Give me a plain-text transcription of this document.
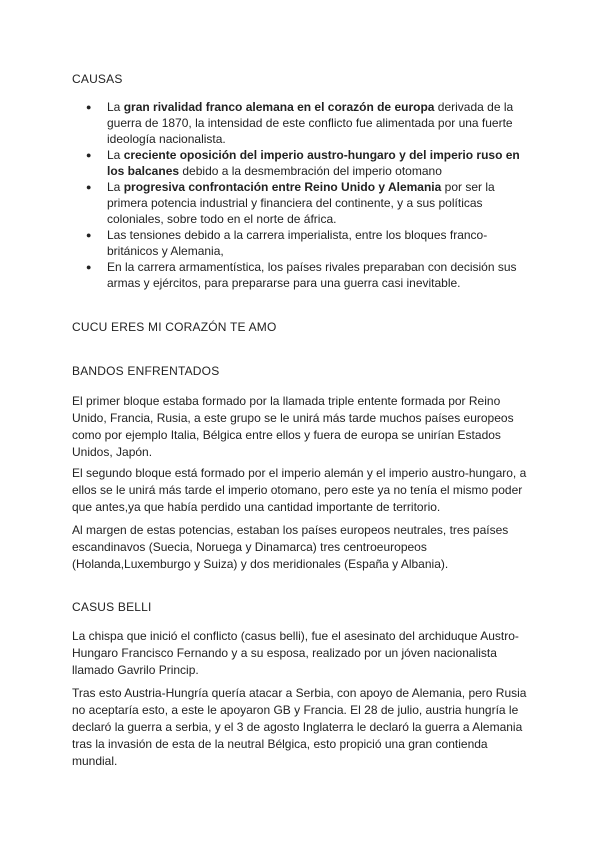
CAUSAS
● La gran rivalidad franco alemana en el corazón de europa derivada de la guerra de 1870, la intensidad de este conflicto fue alimentada por una fuerte ideología nacionalista.
● La creciente oposición del imperio austro-hungaro y del imperio ruso en los balcanes debido a la desmembración del imperio otomano
● La progresiva confrontación entre Reino Unido y Alemania por ser la primera potencia industrial y financiera del continente, y a sus políticas coloniales, sobre todo en el norte de áfrica.
● Las tensiones debido a la carrera imperialista, entre los bloques franco-británicos y Alemania,
● En la carrera armamentística, los países rivales preparaban con decisión sus armas y ejércitos, para prepararse para una guerra casi inevitable.
CUCU ERES MI CORAZÓN TE AMO
BANDOS ENFRENTADOS
El primer bloque estaba formado por la llamada triple entente formada por Reino Unido, Francia, Rusia, a este grupo se le unirá más tarde muchos países europeos como por ejemplo Italia, Bélgica entre ellos y fuera de europa se unirían Estados Unidos, Japón.
El segundo bloque está formado por el imperio alemán y el imperio austro-hungaro, a ellos se le unirá más tarde el imperio otomano, pero este ya no tenía el mismo poder que antes,ya que había perdido una cantidad importante de territorio.
Al margen de estas potencias, estaban los países europeos neutrales, tres países escandinavos (Suecia, Noruega y Dinamarca) tres centroeuropeos (Holanda,Luxemburgo y Suiza) y dos meridionales (España y Albania).
CASUS BELLI
La chispa que inició el conflicto (casus belli), fue el asesinato del archiduque Austro-Hungaro Francisco Fernando y a su esposa, realizado por un jóven nacionalista llamado Gavrilo Princip.
Tras esto Austria-Hungría quería atacar a Serbia, con apoyo de Alemania, pero Rusia no aceptaría esto, a este le apoyaron GB y Francia. El 28 de julio, austria hungría le declaró la guerra a serbia, y el 3 de agosto Inglaterra le declaró la guerra a Alemania tras la invasión de esta de la neutral Bélgica, esto propició una gran contienda mundial.
